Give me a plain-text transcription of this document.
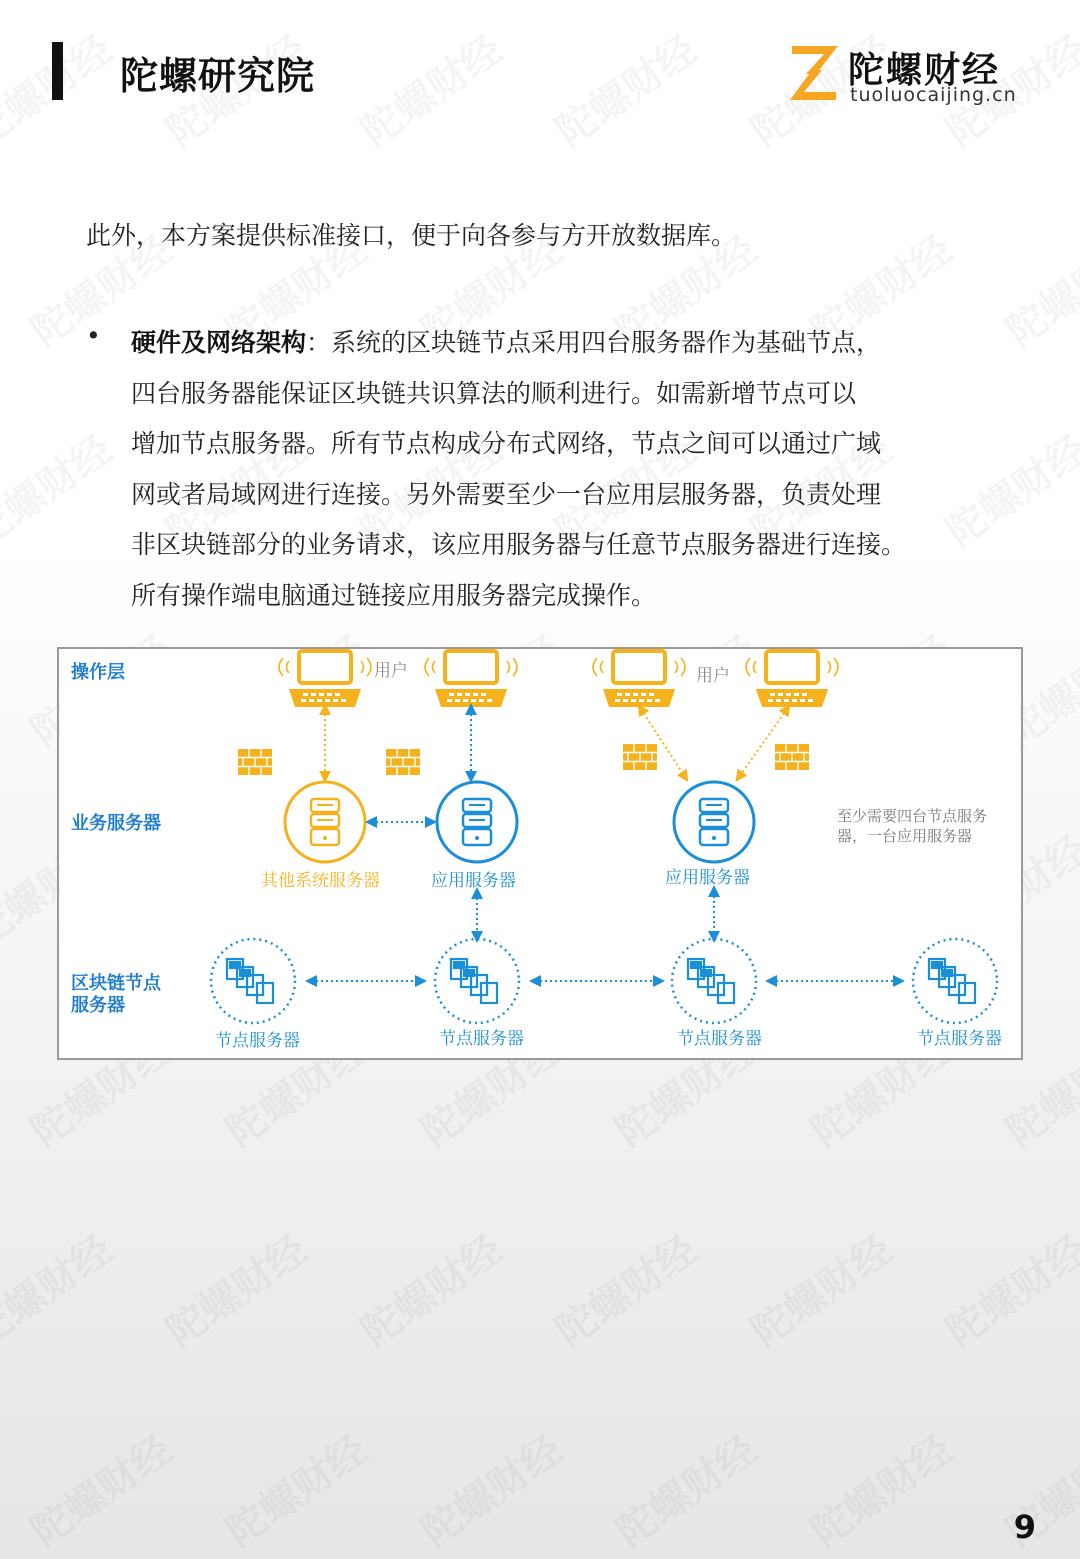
陀螺研究院	陀螺财经
tuoluocaijing.cn
此外，本方案提供标准接口，便于向各参与方开放数据库。
• 硬件及网络架构：系统的区块链节点采用四台服务器作为基础节点，
四台服务器能保证区块链共识算法的顺利进行。如需新增节点可以
增加节点服务器。所有节点构成分布式网络，节点之间可以通过广域
网或者局域网进行连接。另外需要至少一台应用层服务器，负责处理
非区块链部分的业务请求，该应用服务器与任意节点服务器进行连接。
所有操作端电脑通过链接应用服务器完成操作。
操作层
业务服务器
区块链节点
服务器
用户	用户
其他系统服务器	应用服务器	应用服务器
至少需要四台节点服务
器，一台应用服务器
节点服务器	节点服务器	节点服务器	节点服务器
9
